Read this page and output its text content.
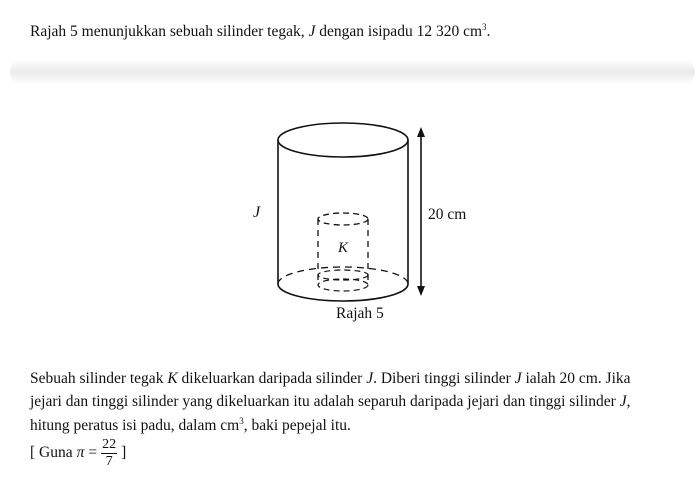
Rajah 5 menunjukkan sebuah silinder tegak, J dengan isipadu 12 320 $cm^3$.
J
K
20 cm
Rajah 5
Sebuah silinder tegak K dikeluarkan daripada silinder J. Diberi tinggi silinder J ialah 20 cm. Jika
jejari dan tinggi silinder yang dikeluarkan itu adalah separuh daripada jejari dan tinggi silinder J,
hitung peratus isi padu, dalam $cm^3$, baki pepejal itu.
[ Guna $\pi = \frac{22}{7}$ ]
